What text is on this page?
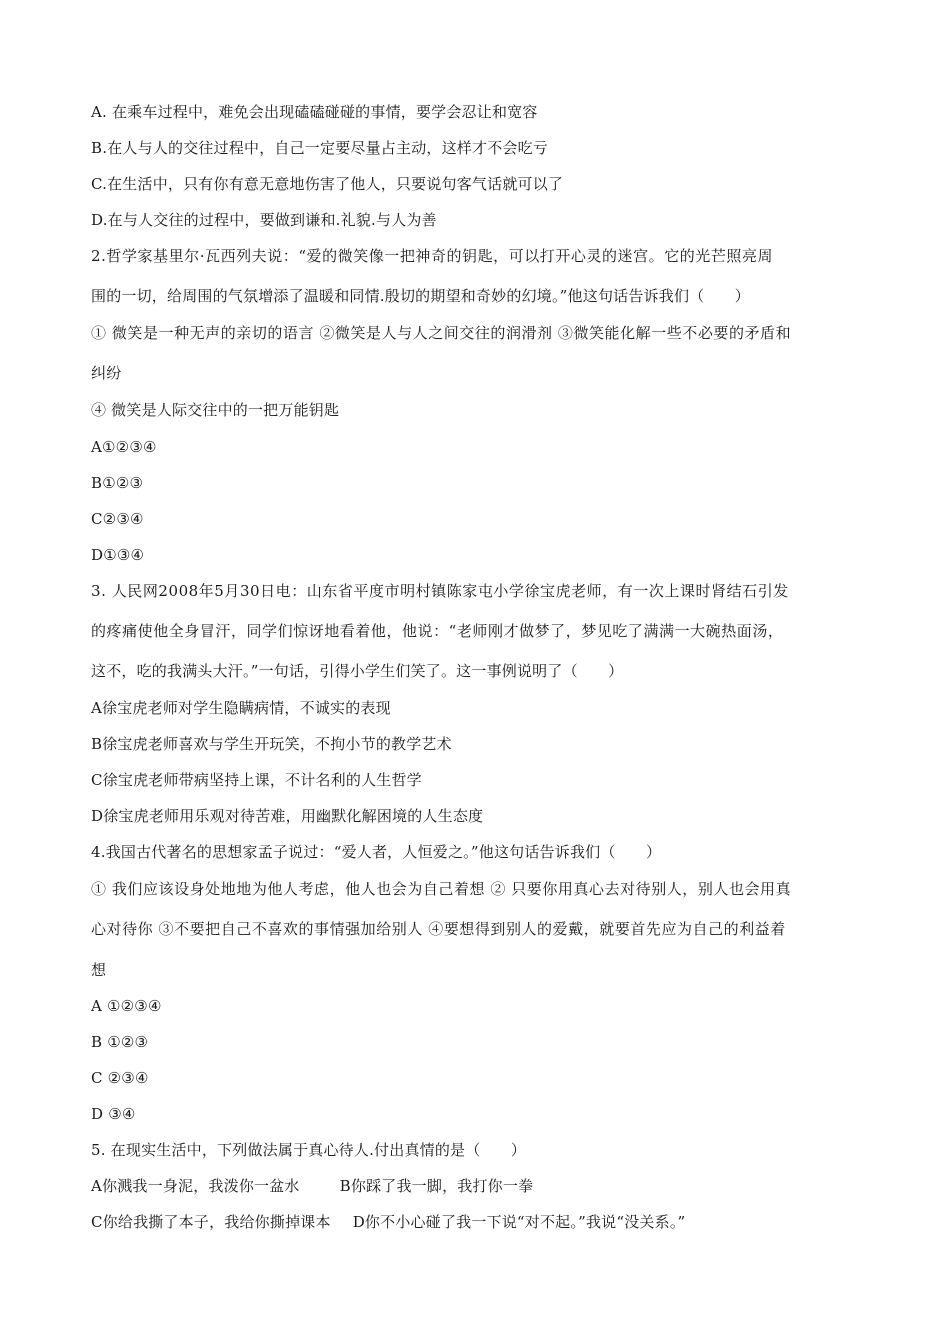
A. 在乘车过程中，难免会出现磕磕碰碰的事情，要学会忍让和宽容
B.在人与人的交往过程中，自己一定要尽量占主动，这样才不会吃亏
C.在生活中，只有你有意无意地伤害了他人，只要说句客气话就可以了
D.在与人交往的过程中，要做到谦和.礼貌.与人为善
2.哲学家基里尔·瓦西列夫说：“爱的微笑像一把神奇的钥匙，可以打开心灵的迷宫。它的光芒照亮周
围的一切，给周围的气氛增添了温暖和同情.殷切的期望和奇妙的幻境。”他这句话告诉我们（　　）
① 微笑是一种无声的亲切的语言 ②微笑是人与人之间交往的润滑剂 ③微笑能化解一些不必要的矛盾和
纠纷
④ 微笑是人际交往中的一把万能钥匙
A①②③④
B①②③
C②③④
D①③④
3. 人民网2008年5月30日电：山东省平度市明村镇陈家屯小学徐宝虎老师，有一次上课时肾结石引发
的疼痛使他全身冒汗，同学们惊讶地看着他，他说：“老师刚才做梦了，梦见吃了满满一大碗热面汤，
这不，吃的我满头大汗。”一句话，引得小学生们笑了。这一事例说明了（　　）
A徐宝虎老师对学生隐瞒病情，不诚实的表现
B徐宝虎老师喜欢与学生开玩笑，不拘小节的教学艺术
C徐宝虎老师带病坚持上课，不计名利的人生哲学
D徐宝虎老师用乐观对待苦难，用幽默化解困境的人生态度
4.我国古代著名的思想家孟子说过：“爱人者，人恒爱之。”他这句话告诉我们（　　）
① 我们应该设身处地地为他人考虑，他人也会为自己着想 ② 只要你用真心去对待别人，别人也会用真
心对待你 ③不要把自己不喜欢的事情强加给别人 ④要想得到别人的爱戴，就要首先应为自己的利益着
想
A ①②③④
B ①②③
C ②③④
D ③④
5. 在现实生活中，下列做法属于真心待人.付出真情的是（　　）
A你溅我一身泥，我泼你一盆水	B你踩了我一脚，我打你一拳
C你给我撕了本子，我给你撕掉课本 D你不小心碰了我一下说“对不起。”我说“没关系。”
